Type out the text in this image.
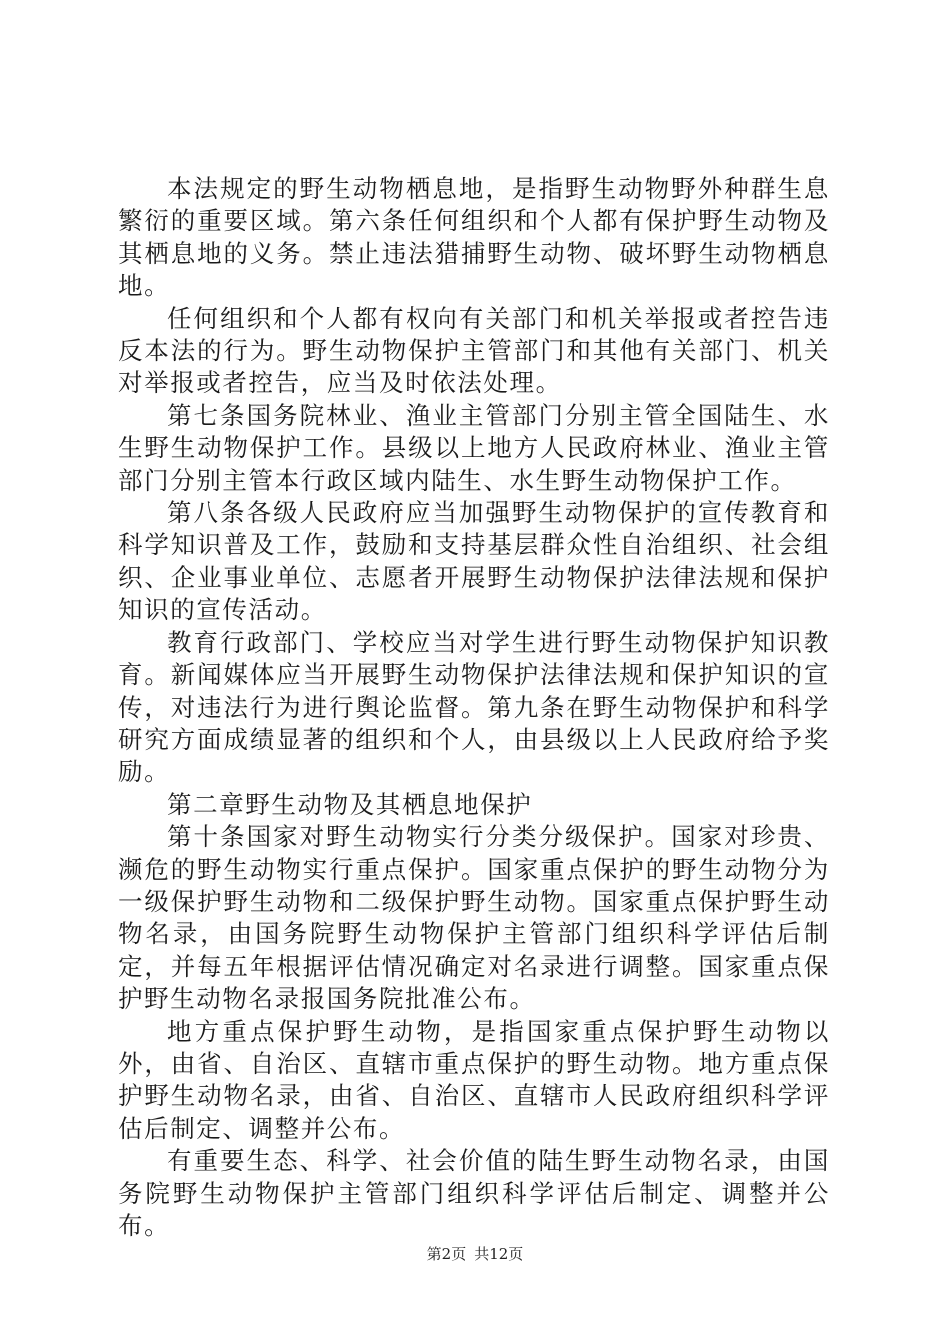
本法规定的野生动物栖息地，是指野生动物野外种群生息繁衍的重要区域。第六条任何组织和个人都有保护野生动物及其栖息地的义务。禁止违法猎捕野生动物、破坏野生动物栖息地。

任何组织和个人都有权向有关部门和机关举报或者控告违反本法的行为。野生动物保护主管部门和其他有关部门、机关对举报或者控告，应当及时依法处理。

第七条国务院林业、渔业主管部门分别主管全国陆生、水生野生动物保护工作。县级以上地方人民政府林业、渔业主管部门分别主管本行政区域内陆生、水生野生动物保护工作。

第八条各级人民政府应当加强野生动物保护的宣传教育和科学知识普及工作，鼓励和支持基层群众性自治组织、社会组织、企业事业单位、志愿者开展野生动物保护法律法规和保护知识的宣传活动。

教育行政部门、学校应当对学生进行野生动物保护知识教育。新闻媒体应当开展野生动物保护法律法规和保护知识的宣传，对违法行为进行舆论监督。第九条在野生动物保护和科学研究方面成绩显著的组织和个人，由县级以上人民政府给予奖励。

第二章野生动物及其栖息地保护

第十条国家对野生动物实行分类分级保护。国家对珍贵、濒危的野生动物实行重点保护。国家重点保护的野生动物分为一级保护野生动物和二级保护野生动物。国家重点保护野生动物名录，由国务院野生动物保护主管部门组织科学评估后制定，并每五年根据评估情况确定对名录进行调整。国家重点保护野生动物名录报国务院批准公布。

地方重点保护野生动物，是指国家重点保护野生动物以外，由省、自治区、直辖市重点保护的野生动物。地方重点保护野生动物名录，由省、自治区、直辖市人民政府组织科学评估后制定、调整并公布。

有重要生态、科学、社会价值的陆生野生动物名录，由国务院野生动物保护主管部门组织科学评估后制定、调整并公布。

第2页 共12页
